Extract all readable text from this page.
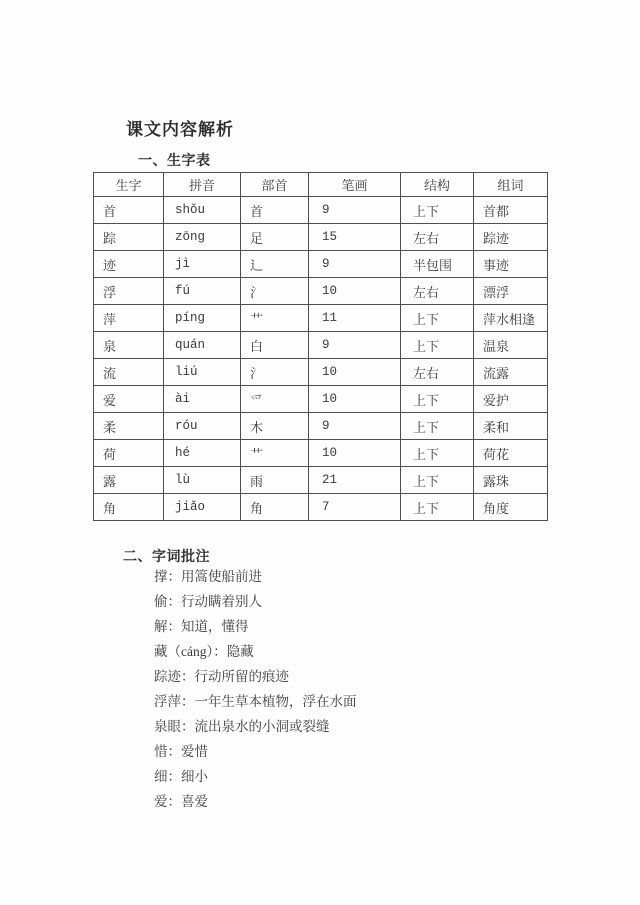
课文内容解析
一、生字表
生字	拼音	部首	笔画	结构	组词
首	shǒu	首	9	上下	首都
踪	zōng	足	15	左右	踪迹
迹	jì	辶	9	半包围	事迹
浮	fú	氵	10	左右	漂浮
萍	píng	艹	11	上下	萍水相逢
泉	quán	白	9	上下	温泉
流	liú	氵	10	左右	流露
爱	ài	爫	10	上下	爱护
柔	róu	木	9	上下	柔和
荷	hé	艹	10	上下	荷花
露	lù	雨	21	上下	露珠
角	jiǎo	角	7	上下	角度
二、字词批注
撑：用篙使船前进
偷：行动瞒着别人
解：知道，懂得
藏（cáng）：隐藏
踪迹：行动所留的痕迹
浮萍：一年生草本植物，浮在水面
泉眼：流出泉水的小洞或裂缝
惜：爱惜
细：细小
爱：喜爱
